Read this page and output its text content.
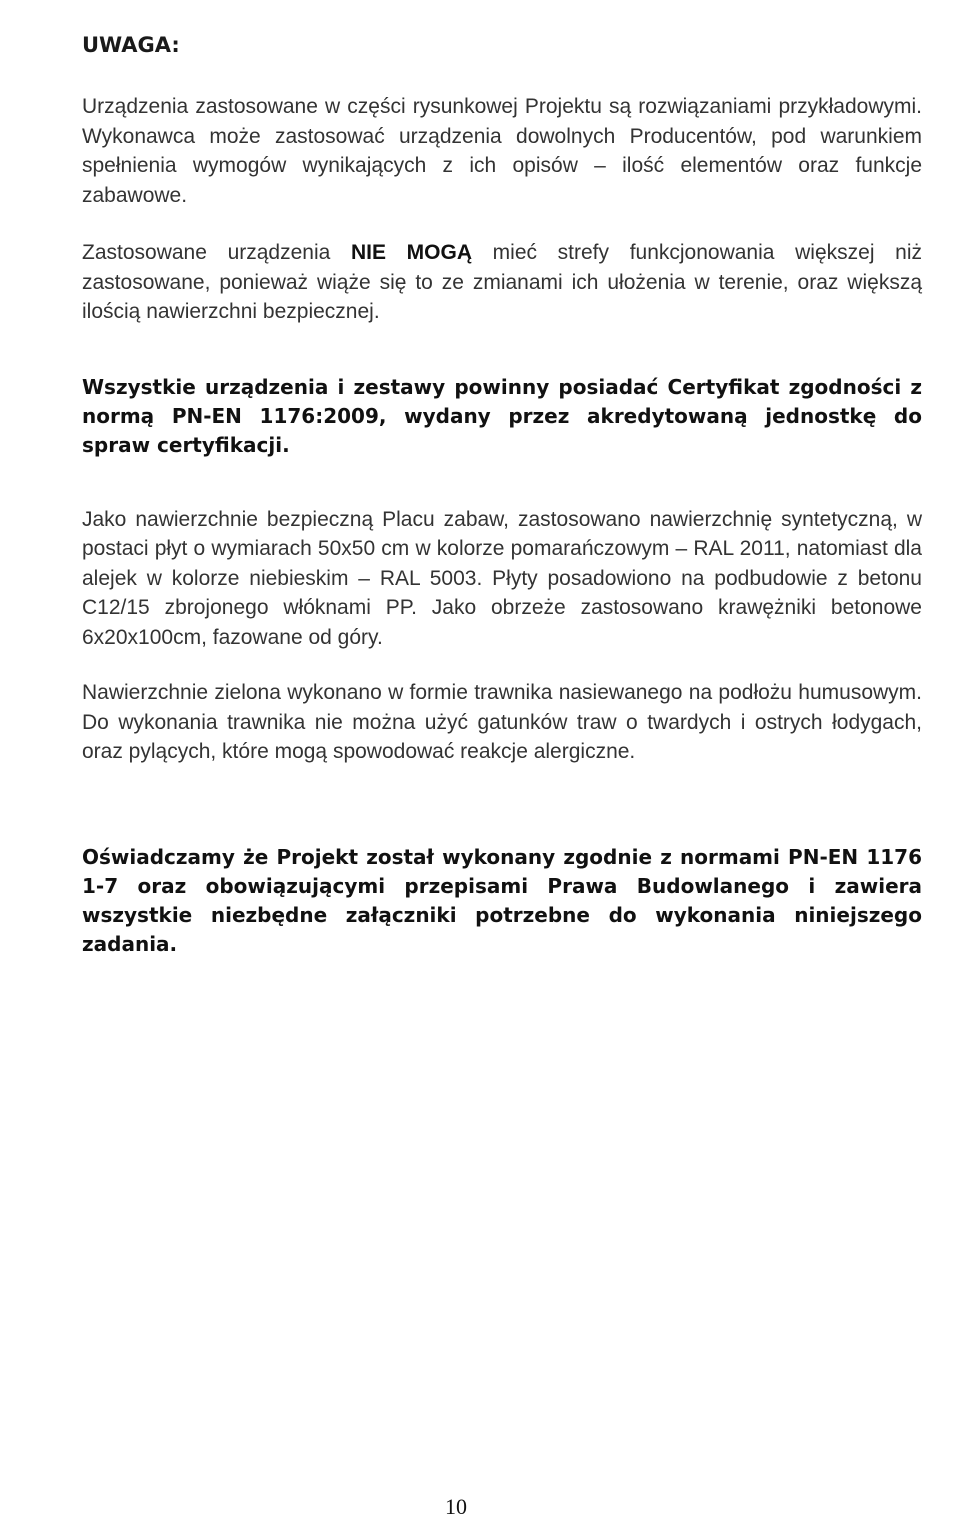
UWAGA:

Urządzenia zastosowane w części rysunkowej Projektu są rozwiązaniami przykładowymi. Wykonawca może zastosować urządzenia dowolnych Producentów, pod warunkiem spełnienia wymogów wynikających z ich opisów – ilość elementów oraz funkcje zabawowe.

Zastosowane urządzenia NIE MOGĄ mieć strefy funkcjonowania większej niż zastosowane, ponieważ wiąże się to ze zmianami ich ułożenia w terenie, oraz większą ilością nawierzchni bezpiecznej.

Wszystkie urządzenia i zestawy powinny posiadać Certyfikat zgodności z normą PN-EN 1176:2009, wydany przez akredytowaną jednostkę do spraw certyfikacji.

Jako nawierzchnie bezpieczną Placu zabaw, zastosowano nawierzchnię syntetyczną, w postaci płyt o wymiarach 50x50 cm w kolorze pomarańczowym – RAL 2011, natomiast dla alejek w kolorze niebieskim – RAL 5003. Płyty posadowiono na podbudowie z betonu C12/15 zbrojonego włóknami PP. Jako obrzeże zastosowano krawężniki betonowe 6x20x100cm, fazowane od góry.

Nawierzchnie zielona wykonano w formie trawnika nasiewanego na podłożu humusowym. Do wykonania trawnika nie można użyć gatunków traw o twardych i ostrych łodygach, oraz pylących, które mogą spowodować reakcje alergiczne.

Oświadczamy że Projekt został wykonany zgodnie z normami PN-EN 1176 1-7 oraz obowiązującymi przepisami Prawa Budowlanego i zawiera wszystkie niezbędne załączniki potrzebne do wykonania niniejszego zadania.

10
